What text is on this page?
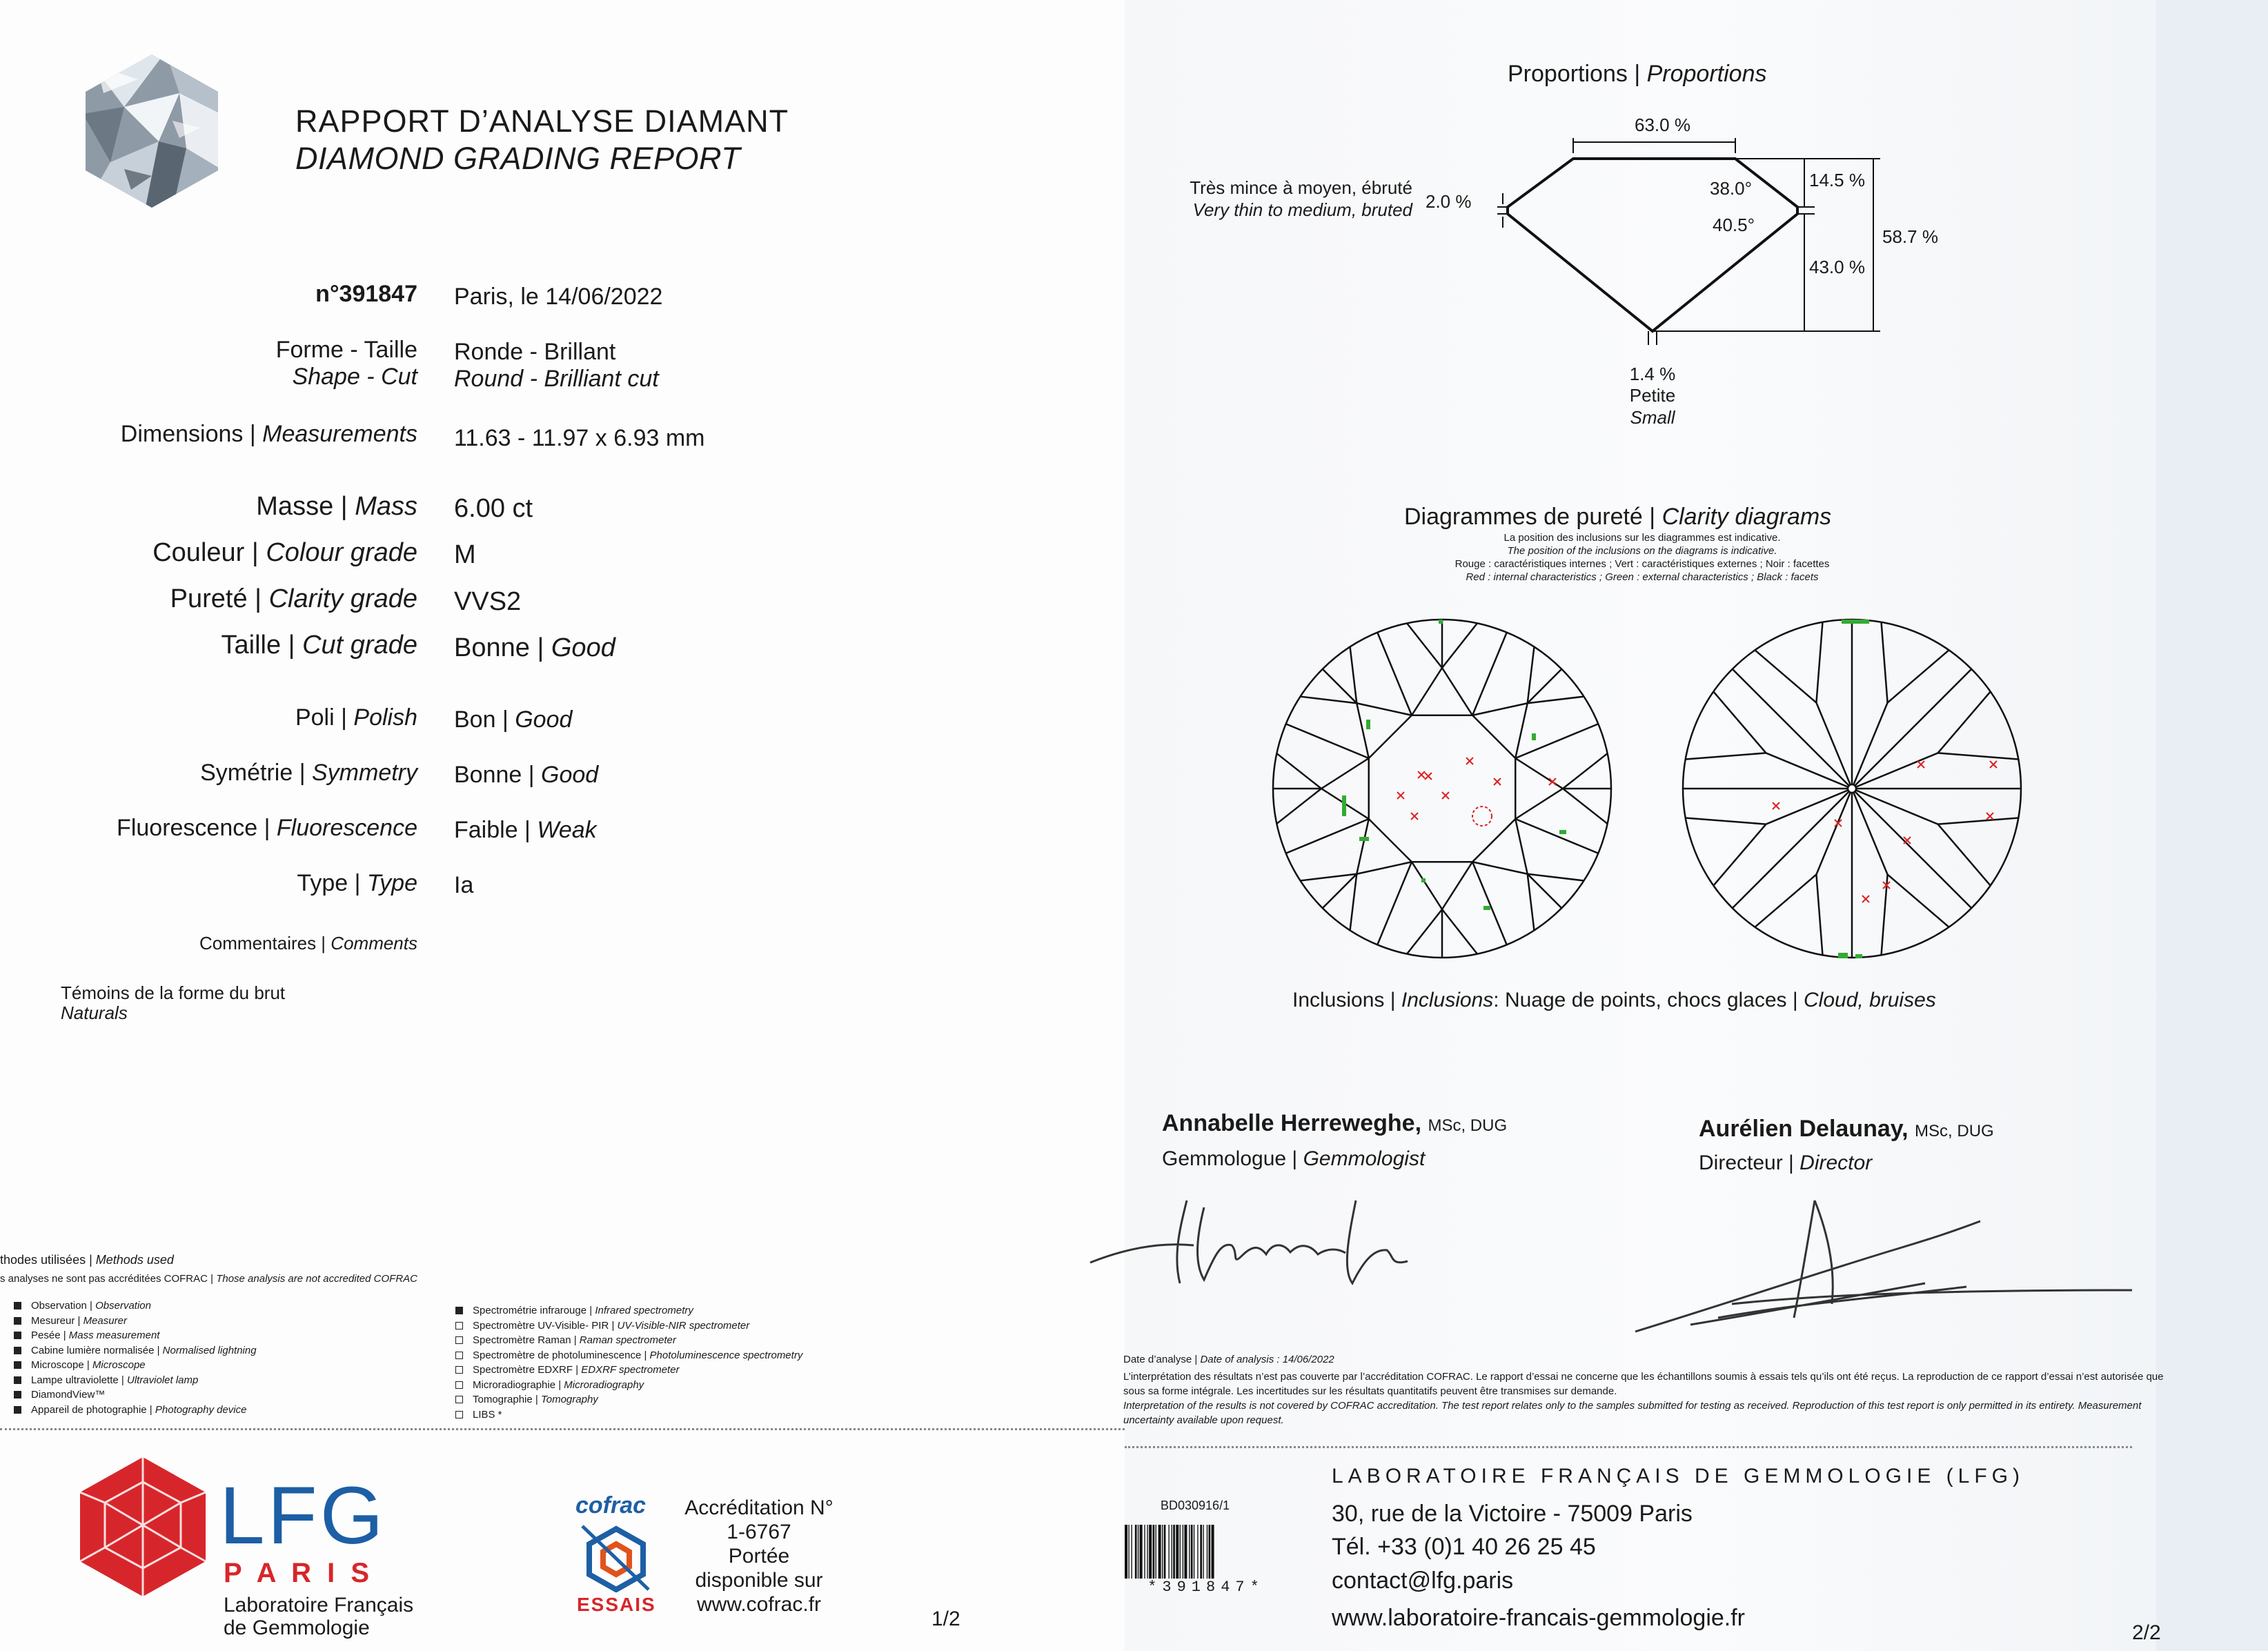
RAPPORT D’ANALYSE DIAMANT
DIAMOND GRADING REPORT
n°391847 Paris, le 14/06/2022
Forme - Taille
Shape - Cut
Ronde - Brillant
Round - Brilliant cut
Dimensions | Measurements 11.63 - 11.97 x 6.93 mm
Masse | Mass 6.00 ct
Couleur | Colour grade M
Pureté | Clarity grade VVS2
Taille | Cut grade Bonne | Good
Poli | Polish Bon | Good
Symétrie | Symmetry Bonne | Good
Fluorescence | Fluorescence Faible | Weak
Type | Type Ia
Commentaires | Comments
Témoins de la forme du brut
Naturals
thodes utilisées | Methods used
s analyses ne sont pas accréditées COFRAC | Those analysis are not accredited COFRAC
Observation | Observation
Mesureur | Measurer
Pesée | Mass measurement
Cabine lumière normalisée | Normalised lightning
Microscope | Microscope
Lampe ultraviolette | Ultraviolet lamp
DiamondView™
Appareil de photographie | Photography device
Spectrométrie infrarouge | Infrared spectrometry
Spectromètre UV-Visible- PIR | UV-Visible-NIR spectrometer
Spectromètre Raman | Raman spectrometer
Spectromètre de photoluminescence | Photoluminescence spectrometry
Spectromètre EDXRF | EDXRF spectrometer
Microradiographie | Microradiography
Tomographie | Tomography
LIBS *
LFG
P A R I S
Laboratoire Français
de Gemmologie
cofrac
ESSAIS
Accréditation N°
1-6767
Portée
disponible sur
www.cofrac.fr
1/2
Proportions | Proportions
63.0 %
38.0°
40.5°
14.5 %
43.0 %
58.7 %
2.0 %
Très mince à moyen, ébruté
Very thin to medium, bruted
1.4 %
Petite
Small
Diagrammes de pureté | Clarity diagrams
La position des inclusions sur les diagrammes est indicative.
The position of the inclusions on the diagrams is indicative.
Rouge : caractéristiques internes ; Vert : caractéristiques externes ; Noir : facettes
Red : internal characteristics ; Green : external characteristics ; Black : facets
Inclusions | Inclusions: Nuage de points, chocs glaces | Cloud, bruises
Annabelle Herreweghe, MSc, DUG
Gemmologue | Gemmologist
Aurélien Delaunay, MSc, DUG
Directeur | Director
Date d’analyse | Date of analysis : 14/06/2022
L’interprétation des résultats n’est pas couverte par l’accréditation COFRAC. Le rapport d’essai ne concerne que les échantillons soumis à essais tels qu’ils ont été reçus. La reproduction de ce rapport d’essai n’est autorisée que sous sa forme intégrale. Les incertitudes sur les résultats quantitatifs peuvent être transmises sur demande.
Interpretation of the results is not covered by COFRAC accreditation. The test report relates only to the samples submitted for testing as received. Reproduction of this test report is only permitted in its entirety. Measurement uncertainty available upon request.
BD030916/1
*391847*
LABORATOIRE FRANÇAIS DE GEMMOLOGIE (LFG)
30, rue de la Victoire - 75009 Paris
Tél. +33 (0)1 40 26 25 45
contact@lfg.paris
www.laboratoire-francais-gemmologie.fr
2/2
